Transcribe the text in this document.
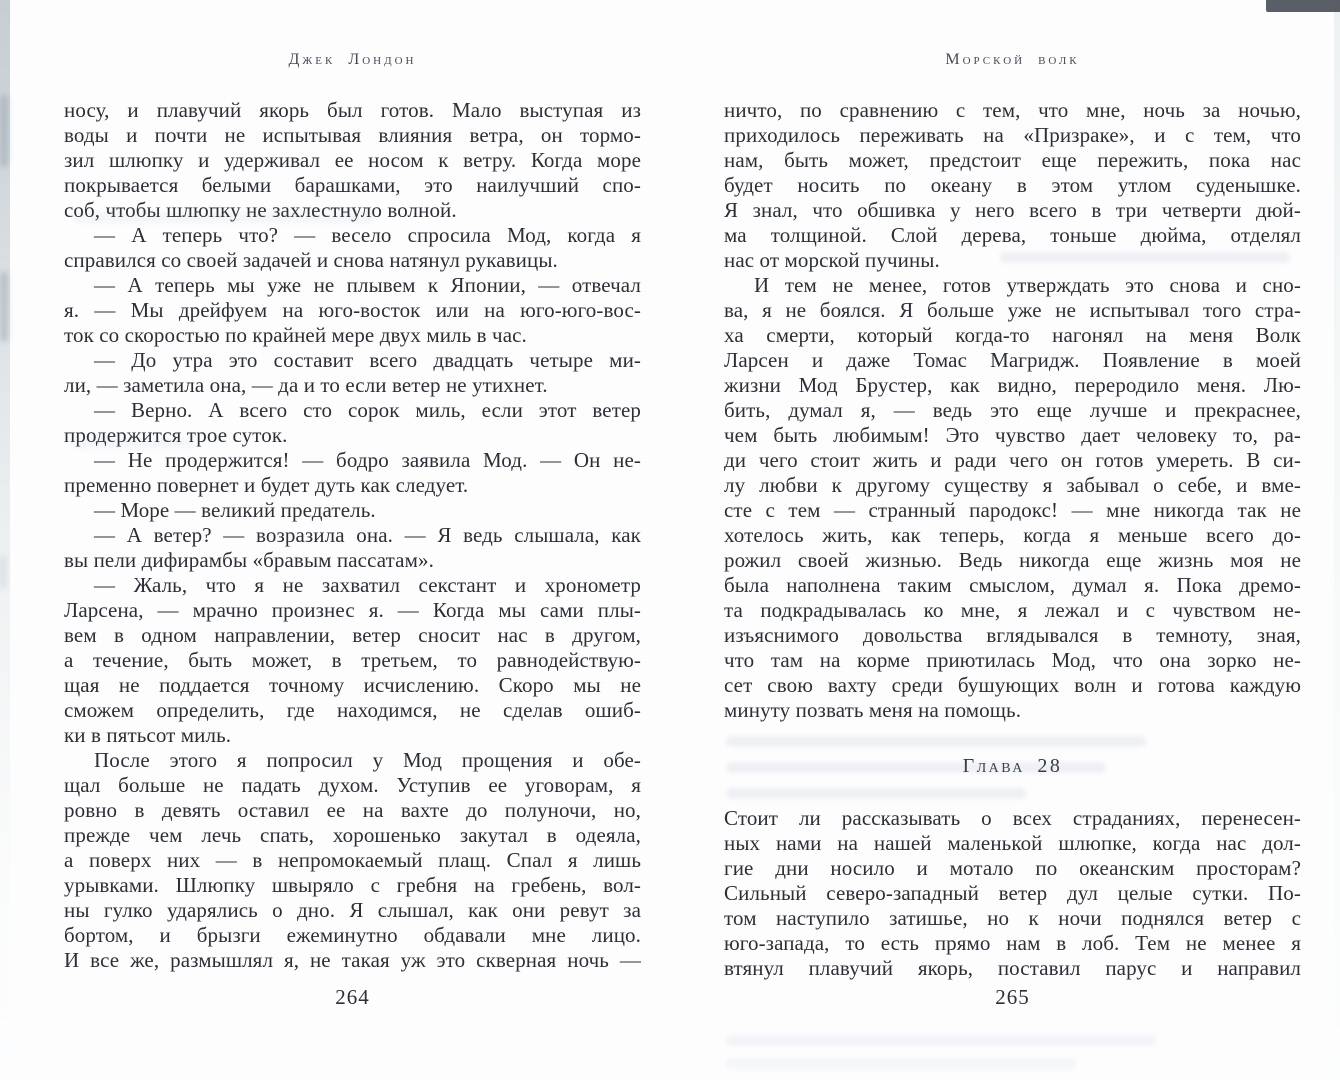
Джек Лондон
носу, и плавучий якорь был готов. Мало выступая из
воды и почти не испытывая влияния ветра, он тормо-
зил шлюпку и удерживал ее носом к ветру. Когда море
покрывается белыми барашками, это наилучший спо-
соб, чтобы шлюпку не захлестнуло волной.
— А теперь что? — весело спросила Мод, когда я
справился со своей задачей и снова натянул рукавицы.
— А теперь мы уже не плывем к Японии, — отвечал
я. — Мы дрейфуем на юго-восток или на юго-юго-вос-
ток со скоростью по крайней мере двух миль в час.
— До утра это составит всего двадцать четыре ми-
ли, — заметила она, — да и то если ветер не утихнет.
— Верно. А всего сто сорок миль, если этот ветер
продержится трое суток.
— Не продержится! — бодро заявила Мод. — Он не-
пременно повернет и будет дуть как следует.
— Море — великий предатель.
— А ветер? — возразила она. — Я ведь слышала, как
вы пели дифирамбы «бравым пассатам».
— Жаль, что я не захватил секстант и хронометр
Ларсена, — мрачно произнес я. — Когда мы сами плы-
вем в одном направлении, ветер сносит нас в другом,
а течение, быть может, в третьем, то равнодействую-
щая не поддается точному исчислению. Скоро мы не
сможем определить, где находимся, не сделав ошиб-
ки в пятьсот миль.
После этого я попросил у Мод прощения и обе-
щал больше не падать духом. Уступив ее уговорам, я
ровно в девять оставил ее на вахте до полуночи, но,
прежде чем лечь спать, хорошенько закутал в одеяла,
а поверх них — в непромокаемый плащ. Спал я лишь
урывками. Шлюпку швыряло с гребня на гребень, вол-
ны гулко ударялись о дно. Я слышал, как они ревут за
бортом, и брызги ежеминутно обдавали мне лицо.
И все же, размышлял я, не такая уж это скверная ночь —
264
Морской волк
ничто, по сравнению с тем, что мне, ночь за ночью,
приходилось переживать на «Призраке», и с тем, что
нам, быть может, предстоит еще пережить, пока нас
будет носить по океану в этом утлом суденышке.
Я знал, что обшивка у него всего в три четверти дюй-
ма толщиной. Слой дерева, тоньше дюйма, отделял
нас от морской пучины.
И тем не менее, готов утверждать это снова и сно-
ва, я не боялся. Я больше уже не испытывал того стра-
ха смерти, который когда-то нагонял на меня Волк
Ларсен и даже Томас Магридж. Появление в моей
жизни Мод Брустер, как видно, переродило меня. Лю-
бить, думал я, — ведь это еще лучше и прекраснее,
чем быть любимым! Это чувство дает человеку то, ра-
ди чего стоит жить и ради чего он готов умереть. В си-
лу любви к другому существу я забывал о себе, и вме-
сте с тем — странный пародокс! — мне никогда так не
хотелось жить, как теперь, когда я меньше всего до-
рожил своей жизнью. Ведь никогда еще жизнь моя не
была наполнена таким смыслом, думал я. Пока дремо-
та подкрадывалась ко мне, я лежал и с чувством не-
изъяснимого довольства вглядывался в темноту, зная,
что там на корме приютилась Мод, что она зорко не-
сет свою вахту среди бушующих волн и готова каждую
минуту позвать меня на помощь.
Глава 28
Стоит ли рассказывать о всех страданиях, перенесен-
ных нами на нашей маленькой шлюпке, когда нас дол-
гие дни носило и мотало по океанским просторам?
Сильный северо-западный ветер дул целые сутки. По-
том наступило затишье, но к ночи поднялся ветер с
юго-запада, то есть прямо нам в лоб. Тем не менее я
втянул плавучий якорь, поставил парус и направил
265
